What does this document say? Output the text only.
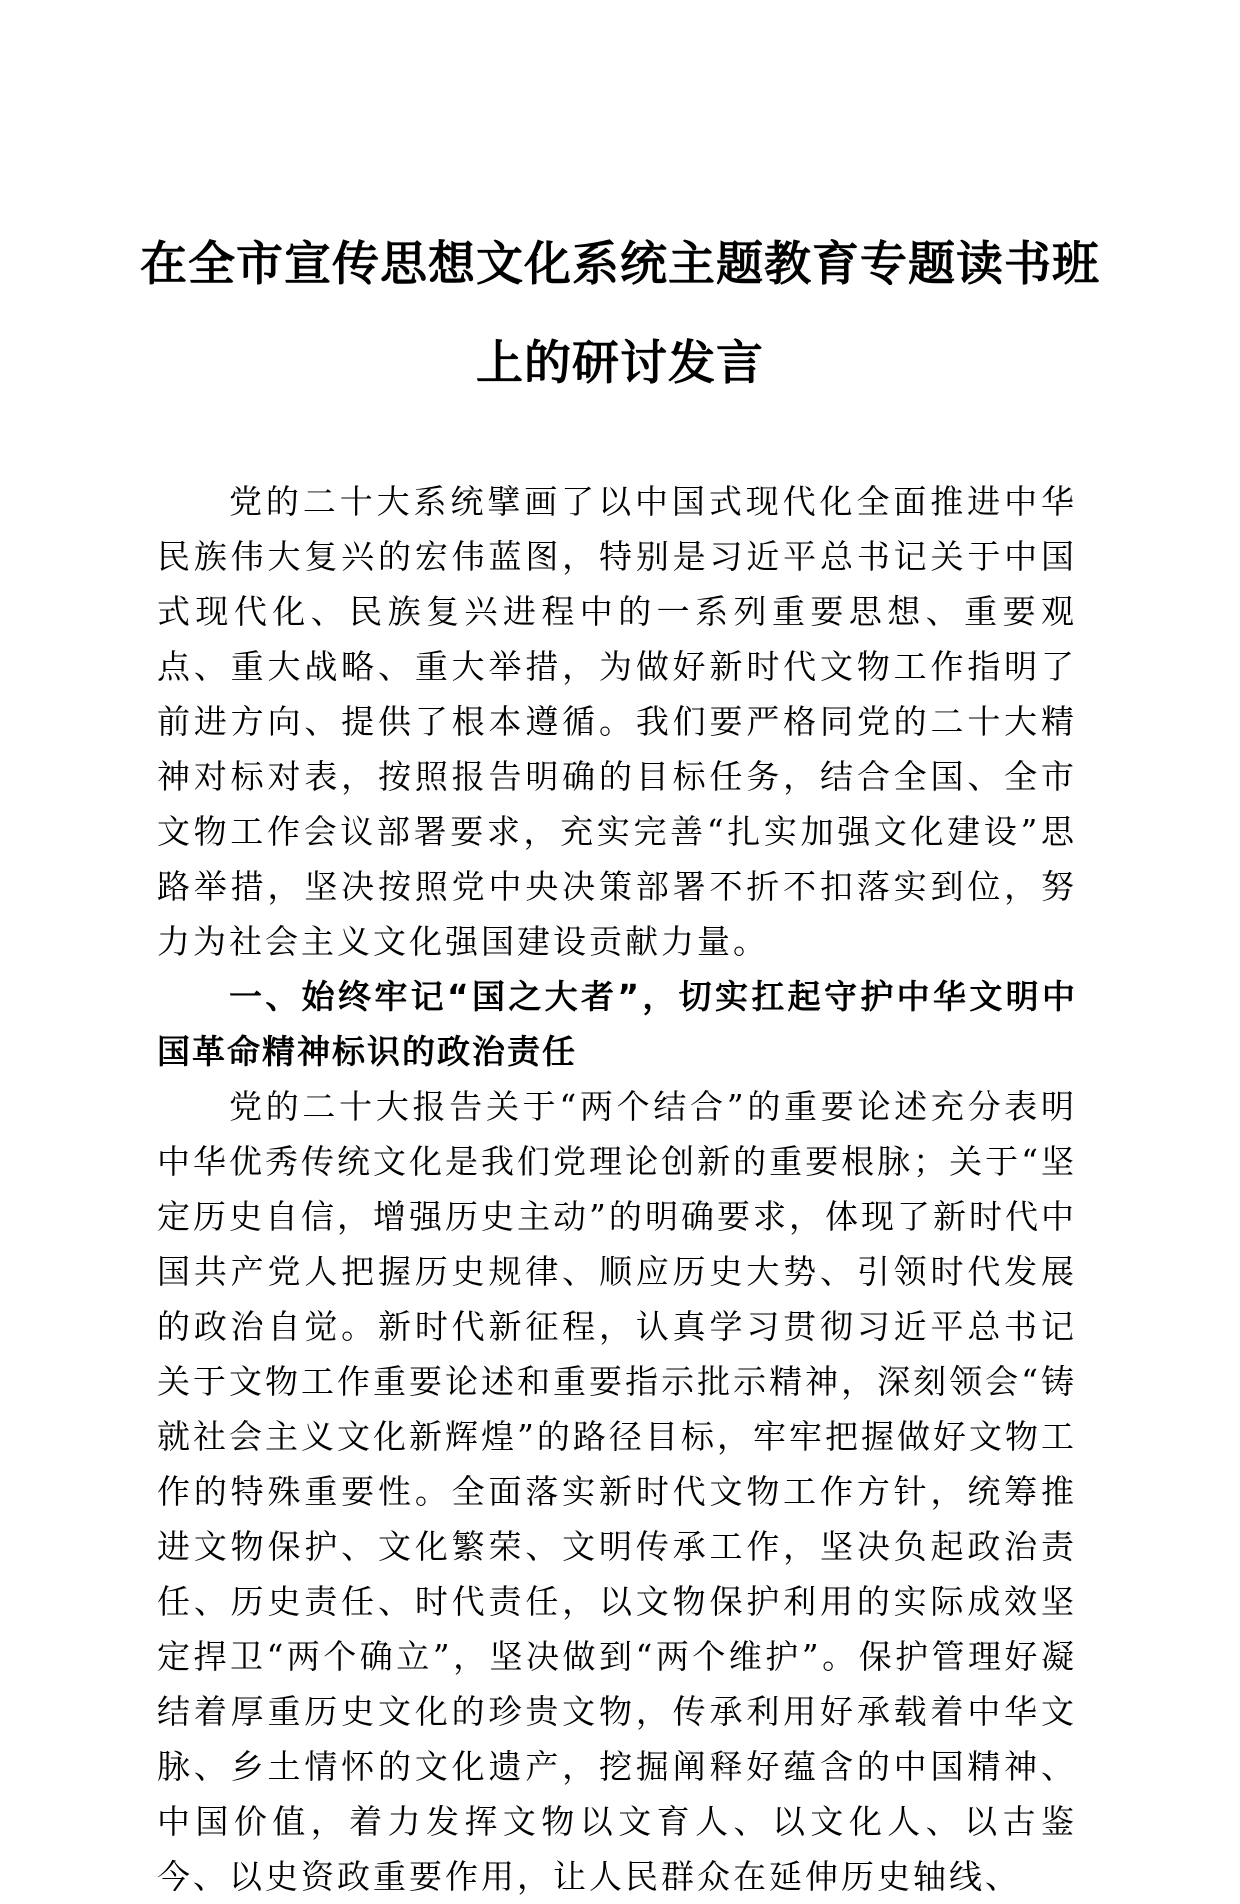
在全市宣传思想文化系统主题教育专题读书班
上的研讨发言

党的二十大系统擘画了以中国式现代化全面推进中华民族伟大复兴的宏伟蓝图，特别是习近平总书记关于中国式现代化、民族复兴进程中的一系列重要思想、重要观点、重大战略、重大举措，为做好新时代文物工作指明了前进方向、提供了根本遵循。我们要严格同党的二十大精神对标对表，按照报告明确的目标任务，结合全国、全市文物工作会议部署要求，充实完善“扎实加强文化建设”思路举措，坚决按照党中央决策部署不折不扣落实到位，努力为社会主义文化强国建设贡献力量。

一、始终牢记“国之大者”，切实扛起守护中华文明中国革命精神标识的政治责任

党的二十大报告关于“两个结合”的重要论述充分表明中华优秀传统文化是我们党理论创新的重要根脉；关于“坚定历史自信，增强历史主动”的明确要求，体现了新时代中国共产党人把握历史规律、顺应历史大势、引领时代发展的政治自觉。新时代新征程，认真学习贯彻习近平总书记关于文物工作重要论述和重要指示批示精神，深刻领会“铸就社会主义文化新辉煌”的路径目标，牢牢把握做好文物工作的特殊重要性。全面落实新时代文物工作方针，统筹推进文物保护、文化繁荣、文明传承工作，坚决负起政治责任、历史责任、时代责任，以文物保护利用的实际成效坚定捍卫“两个确立”，坚决做到“两个维护”。保护管理好凝结着厚重历史文化的珍贵文物，传承利用好承载着中华文脉、乡土情怀的文化遗产，挖掘阐释好蕴含的中国精神、中国价值，着力发挥文物以文育人、以文化人、以古鉴今、以史资政重要作用，让人民群众在延伸历史轴线、
